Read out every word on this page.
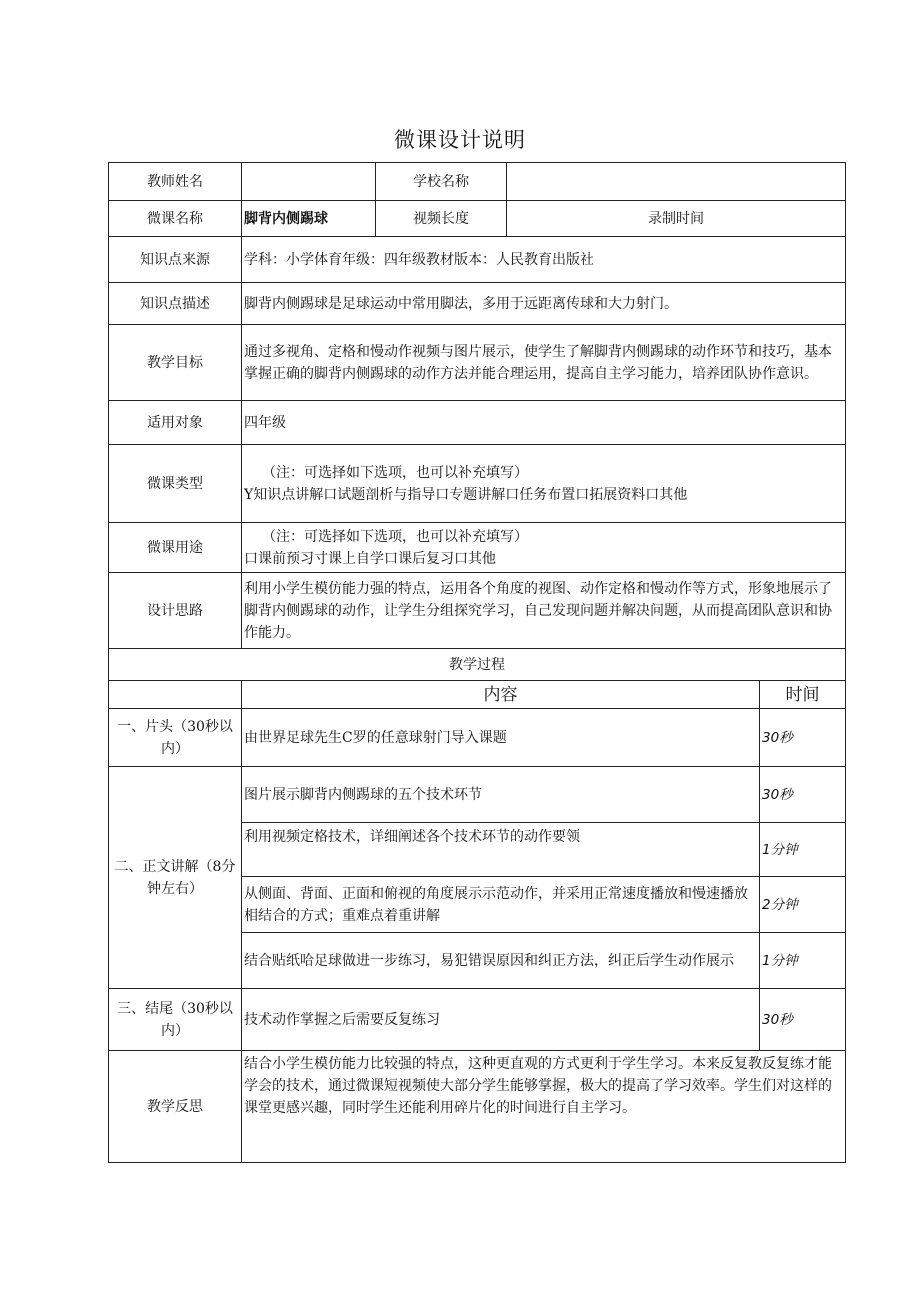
微课设计说明
教师姓名		学校名称		
微课名称	脚背内侧踢球	视频长度	录制时间	
知识点来源	学科：小学体育年级：四年级教材版本：人民教育出版社			
知识点描述	脚背内侧踢球是足球运动中常用脚法，多用于远距离传球和大力射门。			
教学目标	通过多视角、定格和慢动作视频与图片展示，使学生了解脚背内侧踢球的动作环节和技巧，基本掌握正确的脚背内侧踢球的动作方法并能合理运用，提高自主学习能力，培养团队协作意识。			
适用对象	四年级			
微课类型	（注：可选择如下选项，也可以补充填写）
Y知识点讲解口试题剖析与指导口专题讲解口任务布置口拓展资料口其他			
微课用途	（注：可选择如下选项，也可以补充填写）
口课前预习寸课上自学口课后复习口其他			
设计思路	利用小学生模仿能力强的特点，运用各个角度的视图、动作定格和慢动作等方式，形象地展示了脚背内侧踢球的动作，让学生分组探究学习，自己发现问题并解决问题，从而提高团队意识和协作能力。			
教学过程				
	内容			时间
一、片头（30秒以内）	由世界足球先生C罗的任意球射门导入课题			30秒
二、正文讲解（8分钟左右）	图片展示脚背内侧踢球的五个技术环节			30秒
	利用视频定格技术，详细阐述各个技术环节的动作要领			1分钟
	从侧面、背面、正面和俯视的角度展示示范动作，并采用正常速度播放和慢速播放相结合的方式；重难点着重讲解			2分钟
	结合贴纸哈足球做进一步练习，易犯错误原因和纠正方法，纠正后学生动作展示			1分钟
三、结尾（30秒以内）	技术动作掌握之后需要反复练习			30秒
教学反思	结合小学生模仿能力比较强的特点，这种更直观的方式更利于学生学习。本来反复教反复练才能学会的技术，通过微课短视频使大部分学生能够掌握，极大的提高了学习效率。学生们对这样的课堂更感兴趣，同时学生还能利用碎片化的时间进行自主学习。			
